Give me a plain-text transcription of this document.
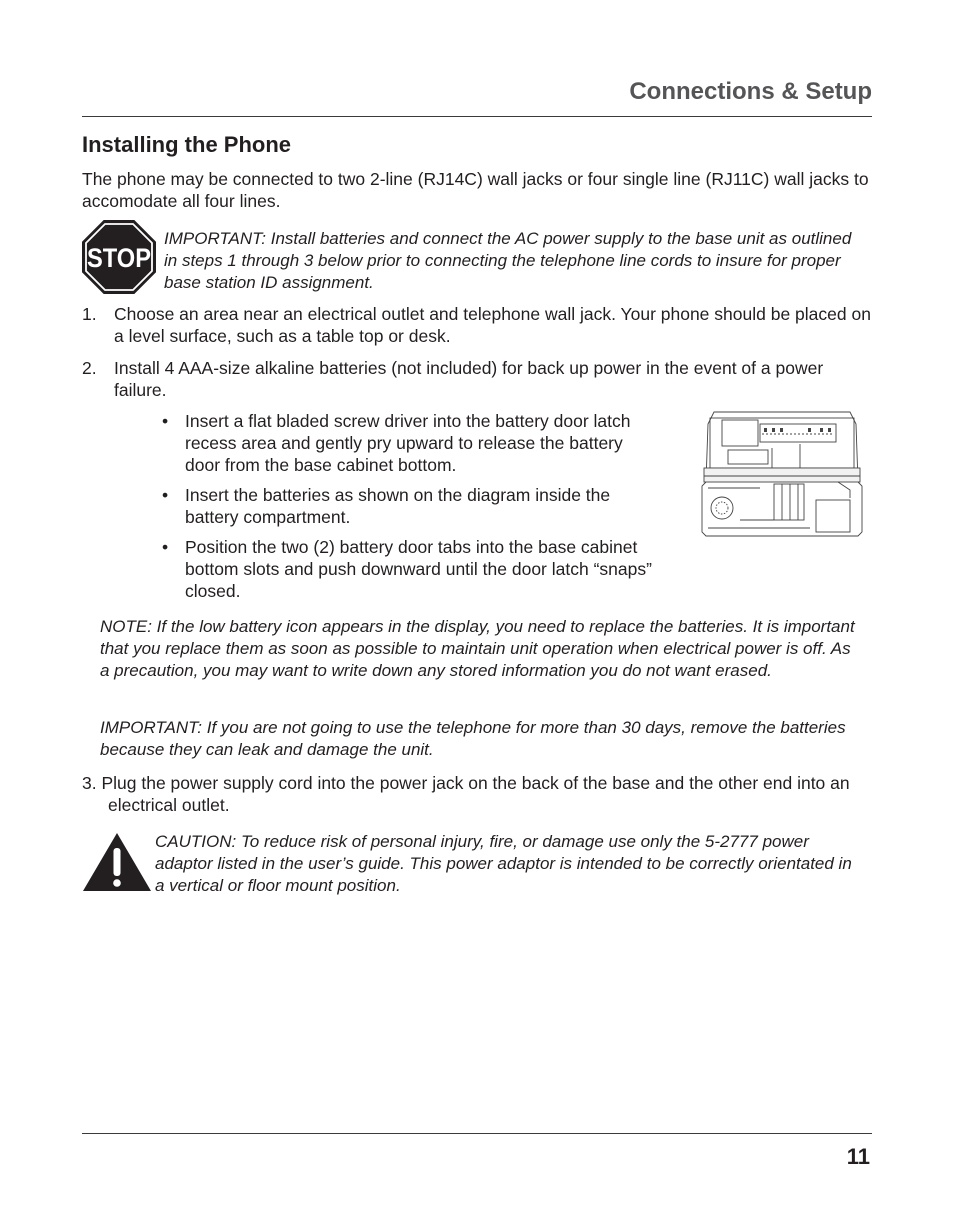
Connections & Setup
Installing the Phone
The phone may be connected to two 2-line (RJ14C) wall jacks or four single line (RJ11C) wall jacks to accomodate all four lines.
STOP
IMPORTANT: Install batteries and connect the AC power supply to the base unit as outlined in steps 1 through 3 below prior to connecting the telephone line cords to insure for proper base station ID assignment.
1. Choose an area near an electrical outlet and telephone wall jack. Your phone should be placed on a level surface, such as a table top or desk.
2. Install 4 AAA-size alkaline batteries (not included) for back up power in the event of a power failure.
• Insert a flat bladed screw driver into the battery door latch recess area and gently pry upward to release the battery door from the base cabinet bottom.
• Insert the batteries as shown on the diagram inside the battery compartment.
• Position the two (2) battery door tabs into the base cabinet bottom slots and push downward until the door latch “snaps” closed.
NOTE: If the low battery icon appears in the display, you need to replace the batteries. It is important that you replace them as soon as possible to maintain unit operation when electrical power is off. As a precaution, you may want to write down any stored information you do not want erased.
IMPORTANT: If you are not going to use the telephone for more than 30 days, remove the batteries because they can leak and damage the unit.
3. Plug the power supply cord into the power jack on the back of the base and the other end into an electrical outlet.
CAUTION: To reduce risk of personal injury, fire, or damage use only the 5-2777 power adaptor listed in the user’s guide. This power adaptor is intended to be correctly orientated in a vertical or floor mount position.
11
